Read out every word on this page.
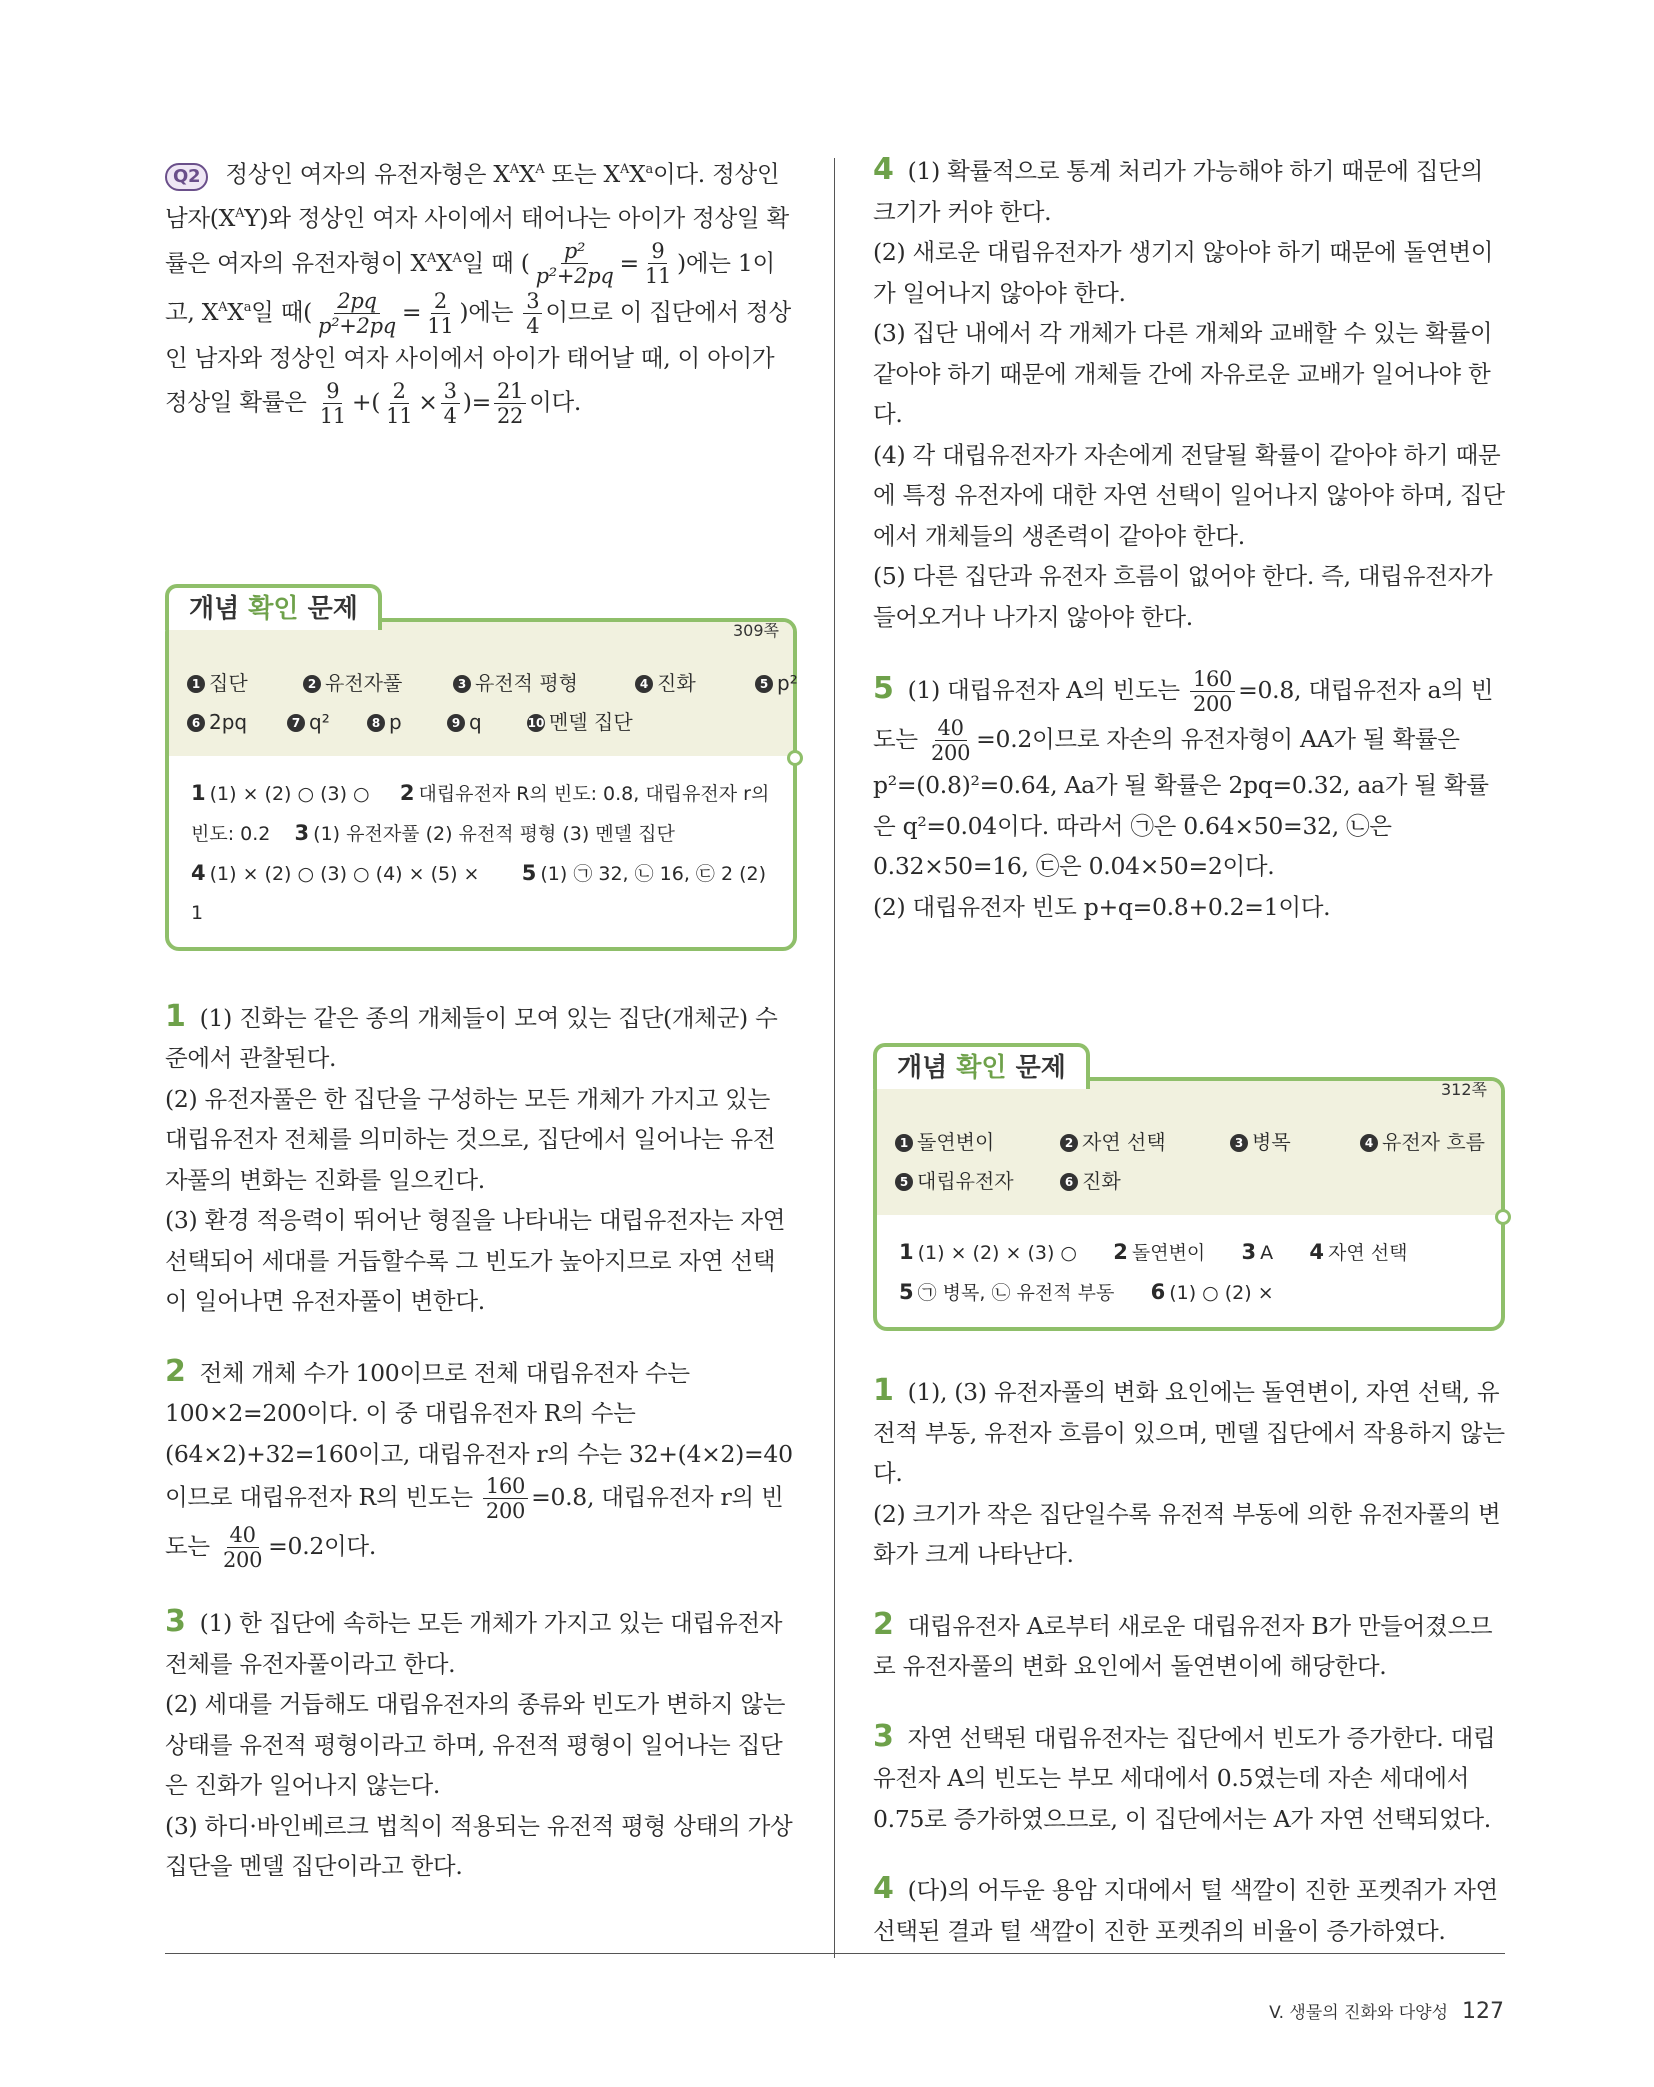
Q2 정상인 여자의 유전자형은 $X^AX^A$ 또는 $X^AX^a$이다. 정상인 남자$(X^AY)$와 정상인 여자 사이에서 태어나는 아이가 정상일 확률은 여자의 유전자형이 $X^AX^A$일 때 ( $\frac{\text{p²}}{\text{p²+2pq}} = \frac{9}{11}$ )에는 1이고, $X^AX^a$일 때( $\frac{2pq}{\text{p²+2pq}} = \frac{2}{11}$ )에는 $\frac{3}{4}$ 이므로 이 집단에서 정상인 남자와 정상인 여자 사이에서 아이가 태어날 때, 이 아이가 정상일 확률은 $\frac{9}{11}$ +( $\frac{2}{11} \times \frac{3}{4}$ )= $\frac{21}{22}$ 이다.
개념 확인 문제
309쪽
1 집단	2 유전자풀	3 유전적 평형	4 진화	5 p²
6 2pq	7 q²	8 p	9 q	10 멘델 집단
1 (1) × (2) ○ (3) ○ 2 대립유전자 R의 빈도: 0.8, 대립유전자 r의 빈도: 0.2 3 (1) 유전자풀 (2) 유전적 평형 (3) 멘델 집단
4 (1) × (2) ○ (3) ○ (4) × (5) × 5 (1) ㉠ 32, ㉡ 16, ㉢ 2 (2) 1
1 (1) 진화는 같은 종의 개체들이 모여 있는 집단(개체군) 수준에서 관찰된다.
(2) 유전자풀은 한 집단을 구성하는 모든 개체가 가지고 있는 대립유전자 전체를 의미하는 것으로, 집단에서 일어나는 유전자풀의 변화는 진화를 일으킨다.
(3) 환경 적응력이 뛰어난 형질을 나타내는 대립유전자는 자연 선택되어 세대를 거듭할수록 그 빈도가 높아지므로 자연 선택이 일어나면 유전자풀이 변한다.
2 전체 개체 수가 100이므로 전체 대립유전자 수는 100×2=200이다. 이 중 대립유전자 R의 수는 (64×2)+32=160이고, 대립유전자 r의 수는 32+(4×2)=40이므로 대립유전자 R의 빈도는 $\frac{160}{200} =0.8$, 대립유전자 r의 빈도는 $\frac{40}{200} =0.2$이다.
3 (1) 한 집단에 속하는 모든 개체가 가지고 있는 대립유전자 전체를 유전자풀이라고 한다.
(2) 세대를 거듭해도 대립유전자의 종류와 빈도가 변하지 않는 상태를 유전적 평형이라고 하며, 유전적 평형이 일어나는 집단은 진화가 일어나지 않는다.
(3) 하디·바인베르크 법칙이 적용되는 유전적 평형 상태의 가상 집단을 멘델 집단이라고 한다.
4 (1) 확률적으로 통계 처리가 가능해야 하기 때문에 집단의 크기가 커야 한다.
(2) 새로운 대립유전자가 생기지 않아야 하기 때문에 돌연변이가 일어나지 않아야 한다.
(3) 집단 내에서 각 개체가 다른 개체와 교배할 수 있는 확률이 같아야 하기 때문에 개체들 간에 자유로운 교배가 일어나야 한다.
(4) 각 대립유전자가 자손에게 전달될 확률이 같아야 하기 때문에 특정 유전자에 대한 자연 선택이 일어나지 않아야 하며, 집단에서 개체들의 생존력이 같아야 한다.
(5) 다른 집단과 유전자 흐름이 없어야 한다. 즉, 대립유전자가 들어오거나 나가지 않아야 한다.
5 (1) 대립유전자 A의 빈도는 $\frac{160}{200} =0.8$, 대립유전자 a의 빈도는 $\frac{40}{200} =0.2$이므로 자손의 유전자형이 AA가 될 확률은 p²=(0.8)²=0.64, Aa가 될 확률은 2pq=0.32, aa가 될 확률은 q²=0.04이다. 따라서 ㉠은 0.64×50=32, ㉡은 0.32×50=16, ㉢은 0.04×50=2이다.
(2) 대립유전자 빈도 p+q=0.8+0.2=1이다.
개념 확인 문제
312쪽
1 돌연변이	2 자연 선택	3 병목	4 유전자 흐름
5 대립유전자	6 진화
1 (1) × (2) × (3) ○ 2 돌연변이 3 A 4 자연 선택
5 ㉠ 병목, ㉡ 유전적 부동 6 (1) ○ (2) ×
1 (1), (3) 유전자풀의 변화 요인에는 돌연변이, 자연 선택, 유전적 부동, 유전자 흐름이 있으며, 멘델 집단에서 작용하지 않는다.
(2) 크기가 작은 집단일수록 유전적 부동에 의한 유전자풀의 변화가 크게 나타난다.
2 대립유전자 A로부터 새로운 대립유전자 B가 만들어졌으므로 유전자풀의 변화 요인에서 돌연변이에 해당한다.
3 자연 선택된 대립유전자는 집단에서 빈도가 증가한다. 대립유전자 A의 빈도는 부모 세대에서 0.5였는데 자손 세대에서 0.75로 증가하였으므로, 이 집단에서는 A가 자연 선택되었다.
4 (다)의 어두운 용암 지대에서 털 색깔이 진한 포켓쥐가 자연 선택된 결과 털 색깔이 진한 포켓쥐의 비율이 증가하였다.
V. 생물의 진화와 다양성 127
